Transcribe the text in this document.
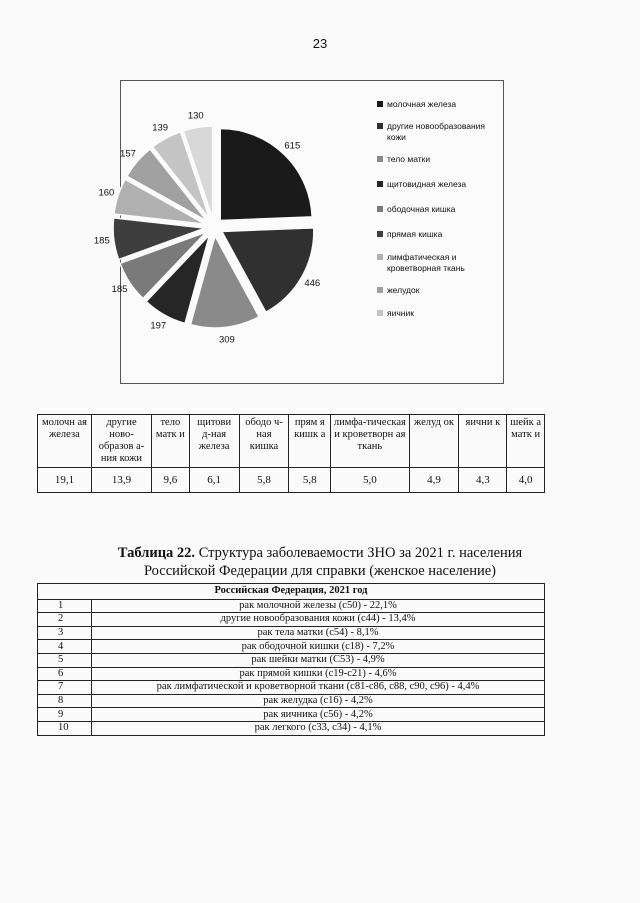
23
615
446
309
197
185
185
160
157
139
130
молочная железа
другие новообразования кожи
тело матки
щитовидная железа
ободочная кишка
прямая кишка
лимфатическая и кроветворная ткань
желудок
яичник
молочн ая железа	другие ново-образов а-ния кожи	тело матк и	щитови д-ная железа	ободо ч-ная кишка	прям я кишк а	лимфа-тическая и кроветворн ая ткань	желуд ок	яични к	шейк а матк и
19,1	13,9	9,6	6,1	5,8	5,8	5,0	4,9	4,3	4,0
Таблица 22. Структура заболеваемости ЗНО за 2021 г. населения
Российской Федерации для справки (женское население)
Российская Федерация, 2021 год	
1	рак молочной железы (с50) - 22,1%
2	другие новообразования кожи (с44) - 13,4%
3	рак тела матки (с54) - 8,1%
4	рак ободочной кишки (с18) - 7,2%
5	рак шейки матки (С53) - 4,9%
6	рак прямой кишки (с19-с21) - 4,6%
7	рак лимфатической и кроветворной ткани (с81-с86, с88, с90, с96) - 4,4%
8	рак желудка (с16) - 4,2%
9	рак яичника (с56) - 4,2%
10	рак легкого (с33, с34) - 4,1%
